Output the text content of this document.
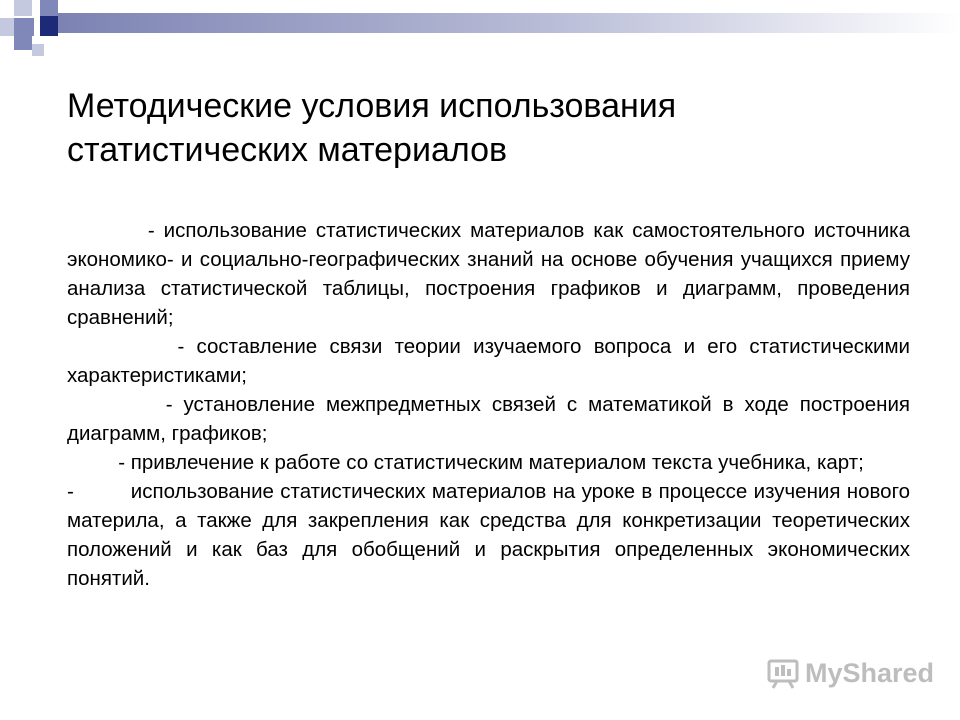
Методические условия использования
статистических материалов

- использование статистических материалов как самостоятельного источника экономико- и социально-географических знаний на основе обучения учащихся приему анализа статистической таблицы, построения графиков и диаграмм, проведения сравнений;

- составление связи теории изучаемого вопроса и его статистическими характеристиками;

- установление межпредметных связей с математикой в ходе построения диаграмм, графиков;

- привлечение к работе со статистическим материалом текста учебника, карт;

-         использование статистических материалов на уроке в процессе изучения нового материла, а также для закрепления как средства для конкретизации теоретических положений и как баз для обобщений и раскрытия определенных экономических понятий.

MyShared
